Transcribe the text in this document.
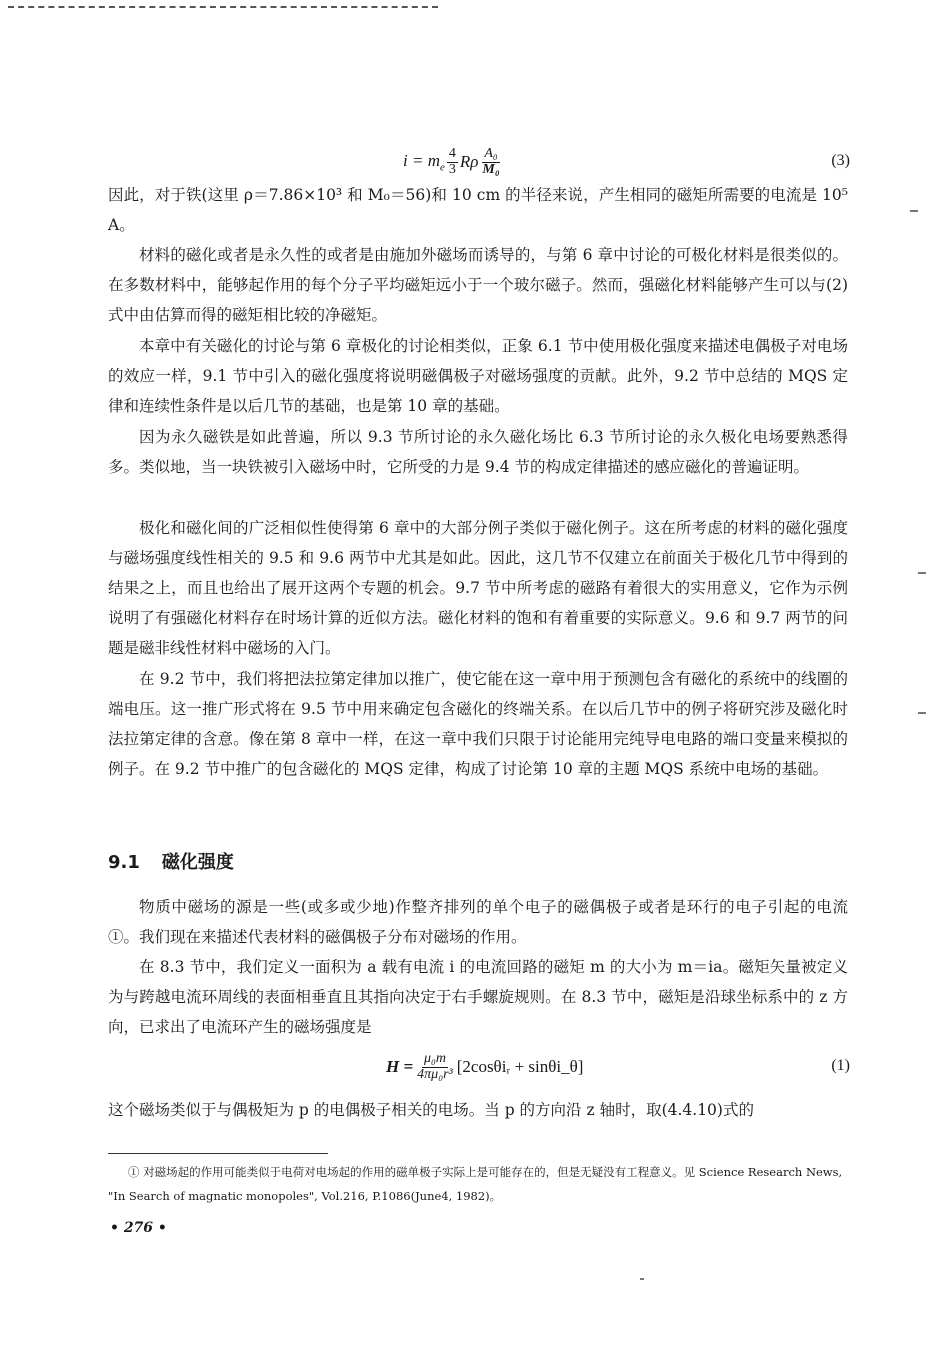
$i = m_e \frac{4}{3}$ Rρ $\frac{\text{A₀}}{\text{M₀}}$	(3)

因此，对于铁(这里 ρ＝7.86×10³ 和 M₀＝56)和 10 cm 的半径来说，产生相同的磁矩所需要的电流是 10⁵ A。

材料的磁化或者是永久性的或者是由施加外磁场而诱导的，与第 6 章中讨论的可极化材料是很类似的。在多数材料中，能够起作用的每个分子平均磁矩远小于一个玻尔磁子。然而，强磁化材料能够产生可以与(2)式中由估算而得的磁矩相比较的净磁矩。

本章中有关磁化的讨论与第 6 章极化的讨论相类似，正象 6.1 节中使用极化强度来描述电偶极子对电场的效应一样，9.1 节中引入的磁化强度将说明磁偶极子对磁场强度的贡献。此外，9.2 节中总结的 MQS 定律和连续性条件是以后几节的基础，也是第 10 章的基础。

因为永久磁铁是如此普遍，所以 9.3 节所讨论的永久磁化场比 6.3 节所讨论的永久极化电场要熟悉得多。类似地，当一块铁被引入磁场中时，它所受的力是 9.4 节的构成定律描述的感应磁化的普遍证明。

极化和磁化间的广泛相似性使得第 6 章中的大部分例子类似于磁化例子。这在所考虑的材料的磁化强度与磁场强度线性相关的 9.5 和 9.6 两节中尤其是如此。因此，这几节不仅建立在前面关于极化几节中得到的结果之上，而且也给出了展开这两个专题的机会。9.7 节中所考虑的磁路有着很大的实用意义，它作为示例说明了有强磁化材料存在时场计算的近似方法。磁化材料的饱和有着重要的实际意义。9.6 和 9.7 两节的问题是磁非线性材料中磁场的入门。

在 9.2 节中，我们将把法拉第定律加以推广，使它能在这一章中用于预测包含有磁化的系统中的线圈的端电压。这一推广形式将在 9.5 节中用来确定包含磁化的终端关系。在以后几节中的例子将研究涉及磁化时法拉第定律的含意。像在第 8 章中一样，在这一章中我们只限于讨论能用完纯导电电路的端口变量来模拟的例子。在 9.2 节中推广的包含磁化的 MQS 定律，构成了讨论第 10 章的主题 MQS 系统中电场的基础。

9.1 磁化强度

物质中磁场的源是一些(或多或少地)作整齐排列的单个电子的磁偶极子或者是环行的电子引起的电流①。我们现在来描述代表材料的磁偶极子分布对磁场的作用。

在 8.3 节中，我们定义一面积为 a 载有电流 i 的电流回路的磁矩 m 的大小为 m＝ia。磁矩矢量被定义为与跨越电流环周线的表面相垂直且其指向决定于右手螺旋规则。在 8.3 节中，磁矩是沿球坐标系中的 z 方向，已求出了电流环产生的磁场强度是

$H = \frac{\text{μ₀m}}{\text{4πμ₀r³}}$ [2cosθiᵣ + sinθi_θ]	(1)

这个磁场类似于与偶极矩为 p 的电偶极子相关的电场。当 p 的方向沿 z 轴时，取(4.4.10)式的

① 对磁场起的作用可能类似于电荷对电场起的作用的磁单极子实际上是可能存在的，但是无疑没有工程意义。见 Science Research News, "In Search of magnatic monopoles", Vol.216, P.1086(June4, 1982)。

• 276 •
